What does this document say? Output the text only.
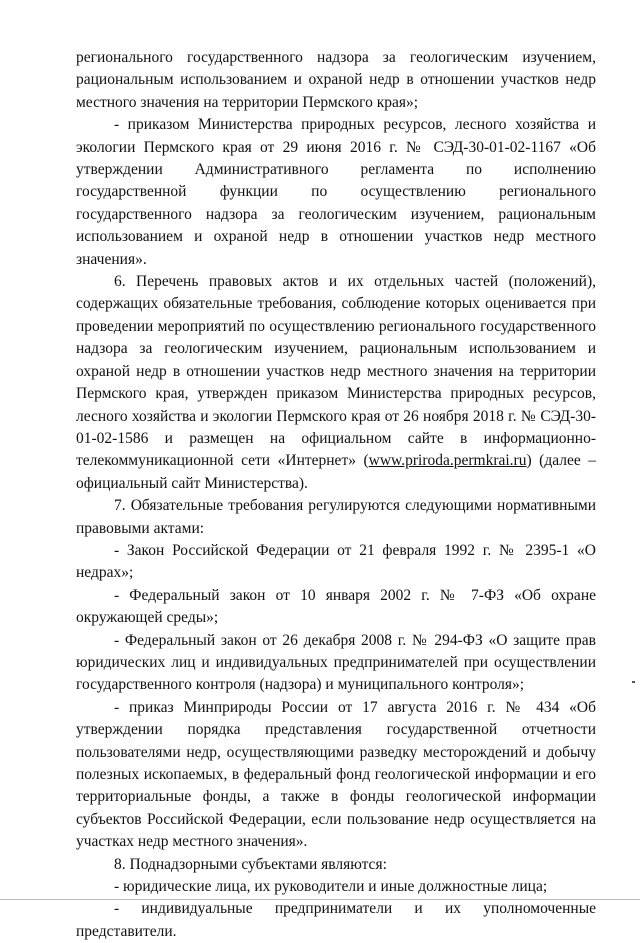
регионального государственного надзора за геологическим изучением, рациональным использованием и охраной недр в отношении участков недр местного значения на территории Пермского края»;

- приказом Министерства природных ресурсов, лесного хозяйства и экологии Пермского края от 29 июня 2016 г. № СЭД-30-01-02-1167 «Об утверждении Административного регламента по исполнению государственной функции по осуществлению регионального государственного надзора за геологическим изучением, рациональным использованием и охраной недр в отношении участков недр местного значения».

6. Перечень правовых актов и их отдельных частей (положений), содержащих обязательные требования, соблюдение которых оценивается при проведении мероприятий по осуществлению регионального государственного надзора за геологическим изучением, рациональным использованием и охраной недр в отношении участков недр местного значения на территории Пермского края, утвержден приказом Министерства природных ресурсов, лесного хозяйства и экологии Пермского края от 26 ноября 2018 г. № СЭД-30-01-02-1586 и размещен на официальном сайте в информационно-телекоммуникационной сети «Интернет» (www.priroda.permkrai.ru) (далее – официальный сайт Министерства).

7. Обязательные требования регулируются следующими нормативными правовыми актами:

- Закон Российской Федерации от 21 февраля 1992 г. № 2395-1 «О недрах»;

- Федеральный закон от 10 января 2002 г. № 7-ФЗ «Об охране окружающей среды»;

- Федеральный закон от 26 декабря 2008 г. № 294-ФЗ «О защите прав юридических лиц и индивидуальных предпринимателей при осуществлении государственного контроля (надзора) и муниципального контроля»;

- приказ Минприроды России от 17 августа 2016 г. № 434 «Об утверждении порядка представления государственной отчетности пользователями недр, осуществляющими разведку месторождений и добычу полезных ископаемых, в федеральный фонд геологической информации и его территориальные фонды, а также в фонды геологической информации субъектов Российской Федерации, если пользование недр осуществляется на участках недр местного значения».

8. Поднадзорными субъектами являются:

- юридические лица, их руководители и иные должностные лица;

- индивидуальные предприниматели и их уполномоченные представители.
